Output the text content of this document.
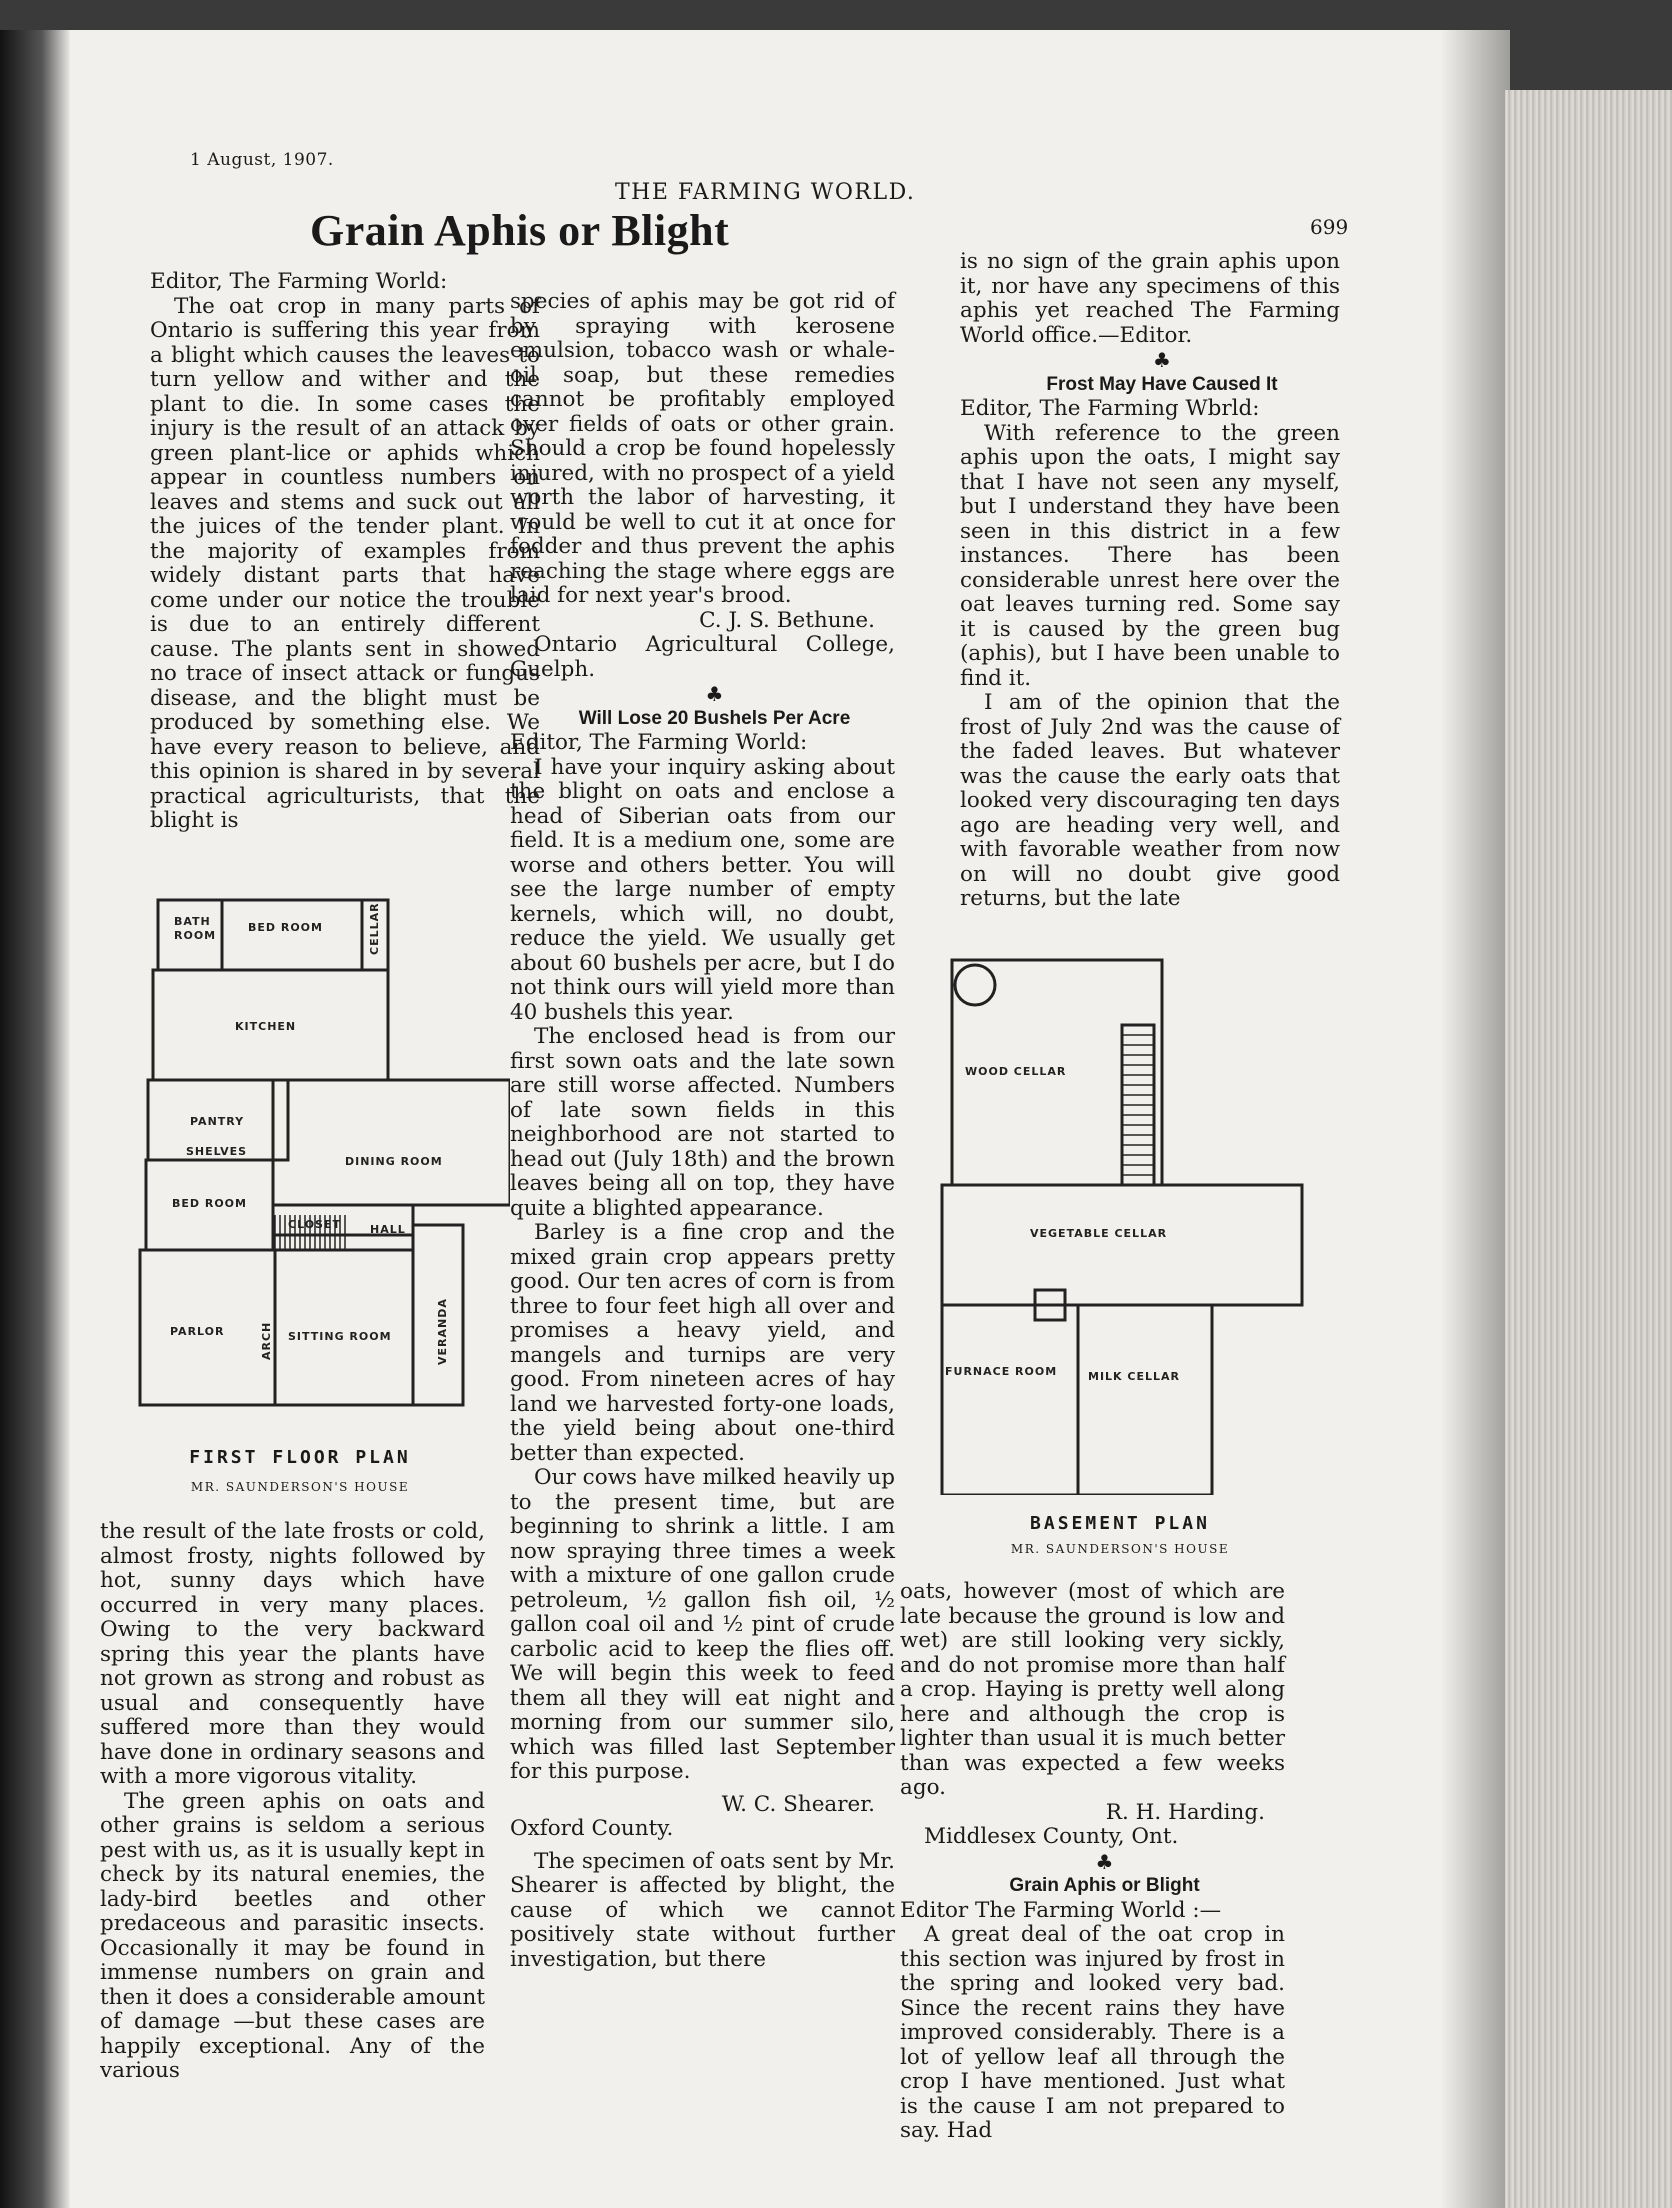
1 August, 1907.
THE FARMING WORLD.
699
Grain Aphis or Blight

Editor, The Farming World:

The oat crop in many parts of Ontario is suffering this year from a blight which causes the leaves to turn yellow and wither and the plant to die. In some cases the injury is the result of an attack by green plant-lice or aphids which appear in countless numbers on leaves and stems and suck out all the juices of the tender plant. In the majority of examples from widely distant parts that have come under our notice the trouble is due to an entirely different cause. The plants sent in showed no trace of insect attack or fungus disease, and the blight must be produced by something else. We have every reason to believe, and this opinion is shared in by several practical agriculturists, that the blight is

BATH
ROOM
BED ROOM	CELLAR
KITCHEN
PANTRY
SHELVES
DINING ROOM
BED ROOM
CLOSET	HALL
PARLOR	ARCH SITTING ROOM	VERANDA
FIRST FLOOR PLAN
MR. SAUNDERSON'S HOUSE

the result of the late frosts or cold, almost frosty, nights followed by hot, sunny days which have occurred in very many places. Owing to the very backward spring this year the plants have not grown as strong and robust as usual and consequently have suffered more than they would have done in ordinary seasons and with a more vigorous vitality.

The green aphis on oats and other grains is seldom a serious pest with us, as it is usually kept in check by its natural enemies, the lady-bird beetles and other predaceous and parasitic insects. Occasionally it may be found in immense numbers on grain and then it does a considerable amount of damage —but these cases are happily exceptional. Any of the various

species of aphis may be got rid of by spraying with kerosene emulsion, tobacco wash or whale-oil soap, but these remedies cannot be profitably employed over fields of oats or other grain. Should a crop be found hopelessly injured, with no prospect of a yield worth the labor of harvesting, it would be well to cut it at once for fodder and thus prevent the aphis reaching the stage where eggs are laid for next year's brood.

C. J. S. Bethune.

Ontario Agricultural College, Guelph.

♣

Will Lose 20 Bushels Per Acre

Editor, The Farming World:

I have your inquiry asking about the blight on oats and enclose a head of Siberian oats from our field. It is a medium one, some are worse and others better. You will see the large number of empty kernels, which will, no doubt, reduce the yield. We usually get about 60 bushels per acre, but I do not think ours will yield more than 40 bushels this year.

The enclosed head is from our first sown oats and the late sown are still worse affected. Numbers of late sown fields in this neighborhood are not started to head out (July 18th) and the brown leaves being all on top, they have quite a blighted appearance.

Barley is a fine crop and the mixed grain crop appears pretty good. Our ten acres of corn is from three to four feet high all over and promises a heavy yield, and mangels and turnips are very good. From nineteen acres of hay land we harvested forty-one loads, the yield being about one-third better than expected.

Our cows have milked heavily up to the present time, but are beginning to shrink a little. I am now spraying three times a week with a mixture of one gallon crude petroleum, ½ gallon fish oil, ½ gallon coal oil and ½ pint of crude carbolic acid to keep the flies off. We will begin this week to feed them all they will eat night and morning from our summer silo, which was filled last September for this purpose.

W. C. Shearer.

Oxford County.

The specimen of oats sent by Mr. Shearer is affected by blight, the cause of which we cannot positively state without further investigation, but there

is no sign of the grain aphis upon it, nor have any specimens of this aphis yet reached The Farming World office.—Editor.

♣

Frost May Have Caused It

Editor, The Farming Wbrld:

With reference to the green aphis upon the oats, I might say that I have not seen any myself, but I understand they have been seen in this district in a few instances. There has been considerable unrest here over the oat leaves turning red. Some say it is caused by the green bug (aphis), but I have been unable to find it.

I am of the opinion that the frost of July 2nd was the cause of the faded leaves. But whatever was the cause the early oats that looked very discouraging ten days ago are heading very well, and with favorable weather from now on will no doubt give good returns, but the late

WOOD CELLAR
VEGETABLE CELLAR
FURNACE ROOM	MILK CELLAR
BASEMENT PLAN
MR. SAUNDERSON'S HOUSE

oats, however (most of which are late because the ground is low and wet) are still looking very sickly, and do not promise more than half a crop. Haying is pretty well along here and although the crop is lighter than usual it is much better than was expected a few weeks ago.

R. H. Harding.

Middlesex County, Ont.

♣

Grain Aphis or Blight

Editor The Farming World :—

A great deal of the oat crop in this section was injured by frost in the spring and looked very bad. Since the recent rains they have improved considerably. There is a lot of yellow leaf all through the crop I have mentioned. Just what is the cause I am not prepared to say. Had
